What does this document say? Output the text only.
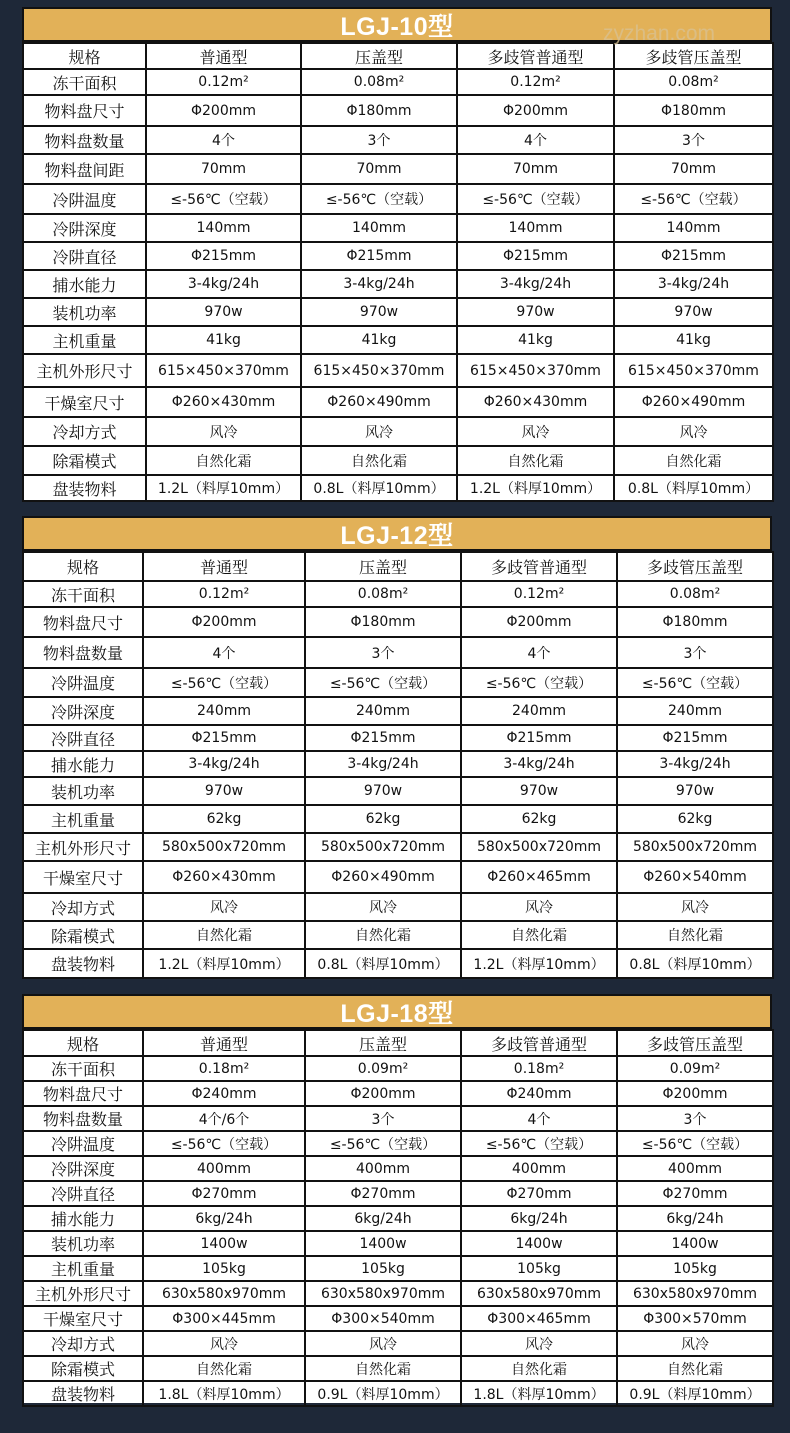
zyzhan.com
LGJ-10型
规格	普通型	压盖型	多歧管普通型	多歧管压盖型
冻干面积	0.12m²	0.08m²	0.12m²	0.08m²
物料盘尺寸	Φ200mm	Φ180mm	Φ200mm	Φ180mm
物料盘数量	4个	3个	4个	3个
物料盘间距	70mm	70mm	70mm	70mm
冷阱温度	≤-56℃（空载）	≤-56℃（空载）	≤-56℃（空载）	≤-56℃（空载）
冷阱深度	140mm	140mm	140mm	140mm
冷阱直径	Φ215mm	Φ215mm	Φ215mm	Φ215mm
捕水能力	3-4kg/24h	3-4kg/24h	3-4kg/24h	3-4kg/24h
装机功率	970w	970w	970w	970w
主机重量	41kg	41kg	41kg	41kg
主机外形尺寸	615×450×370mm	615×450×370mm	615×450×370mm	615×450×370mm
干燥室尺寸	Φ260×430mm	Φ260×490mm	Φ260×430mm	Φ260×490mm
冷却方式	风冷	风冷	风冷	风冷
除霜模式	自然化霜	自然化霜	自然化霜	自然化霜
盘装物料	1.2L（料厚10mm）	0.8L（料厚10mm）	1.2L（料厚10mm）	0.8L（料厚10mm）
LGJ-12型
规格	普通型	压盖型	多歧管普通型	多歧管压盖型
冻干面积	0.12m²	0.08m²	0.12m²	0.08m²
物料盘尺寸	Φ200mm	Φ180mm	Φ200mm	Φ180mm
物料盘数量	4个	3个	4个	3个
冷阱温度	≤-56℃（空载）	≤-56℃（空载）	≤-56℃（空载）	≤-56℃（空载）
冷阱深度	240mm	240mm	240mm	240mm
冷阱直径	Φ215mm	Φ215mm	Φ215mm	Φ215mm
捕水能力	3-4kg/24h	3-4kg/24h	3-4kg/24h	3-4kg/24h
装机功率	970w	970w	970w	970w
主机重量	62kg	62kg	62kg	62kg
主机外形尺寸	580x500x720mm	580x500x720mm	580x500x720mm	580x500x720mm
干燥室尺寸	Φ260×430mm	Φ260×490mm	Φ260×465mm	Φ260×540mm
冷却方式	风冷	风冷	风冷	风冷
除霜模式	自然化霜	自然化霜	自然化霜	自然化霜
盘装物料	1.2L（料厚10mm）	0.8L（料厚10mm）	1.2L（料厚10mm）	0.8L（料厚10mm）
LGJ-18型
规格	普通型	压盖型	多歧管普通型	多歧管压盖型
冻干面积	0.18m²	0.09m²	0.18m²	0.09m²
物料盘尺寸	Φ240mm	Φ200mm	Φ240mm	Φ200mm
物料盘数量	4个/6个	3个	4个	3个
冷阱温度	≤-56℃（空载）	≤-56℃（空载）	≤-56℃（空载）	≤-56℃（空载）
冷阱深度	400mm	400mm	400mm	400mm
冷阱直径	Φ270mm	Φ270mm	Φ270mm	Φ270mm
捕水能力	6kg/24h	6kg/24h	6kg/24h	6kg/24h
装机功率	1400w	1400w	1400w	1400w
主机重量	105kg	105kg	105kg	105kg
主机外形尺寸	630x580x970mm	630x580x970mm	630x580x970mm	630x580x970mm
干燥室尺寸	Φ300×445mm	Φ300×540mm	Φ300×465mm	Φ300×570mm
冷却方式	风冷	风冷	风冷	风冷
除霜模式	自然化霜	自然化霜	自然化霜	自然化霜
盘装物料	1.8L（料厚10mm）	0.9L（料厚10mm）	1.8L（料厚10mm）	0.9L（料厚10mm）
